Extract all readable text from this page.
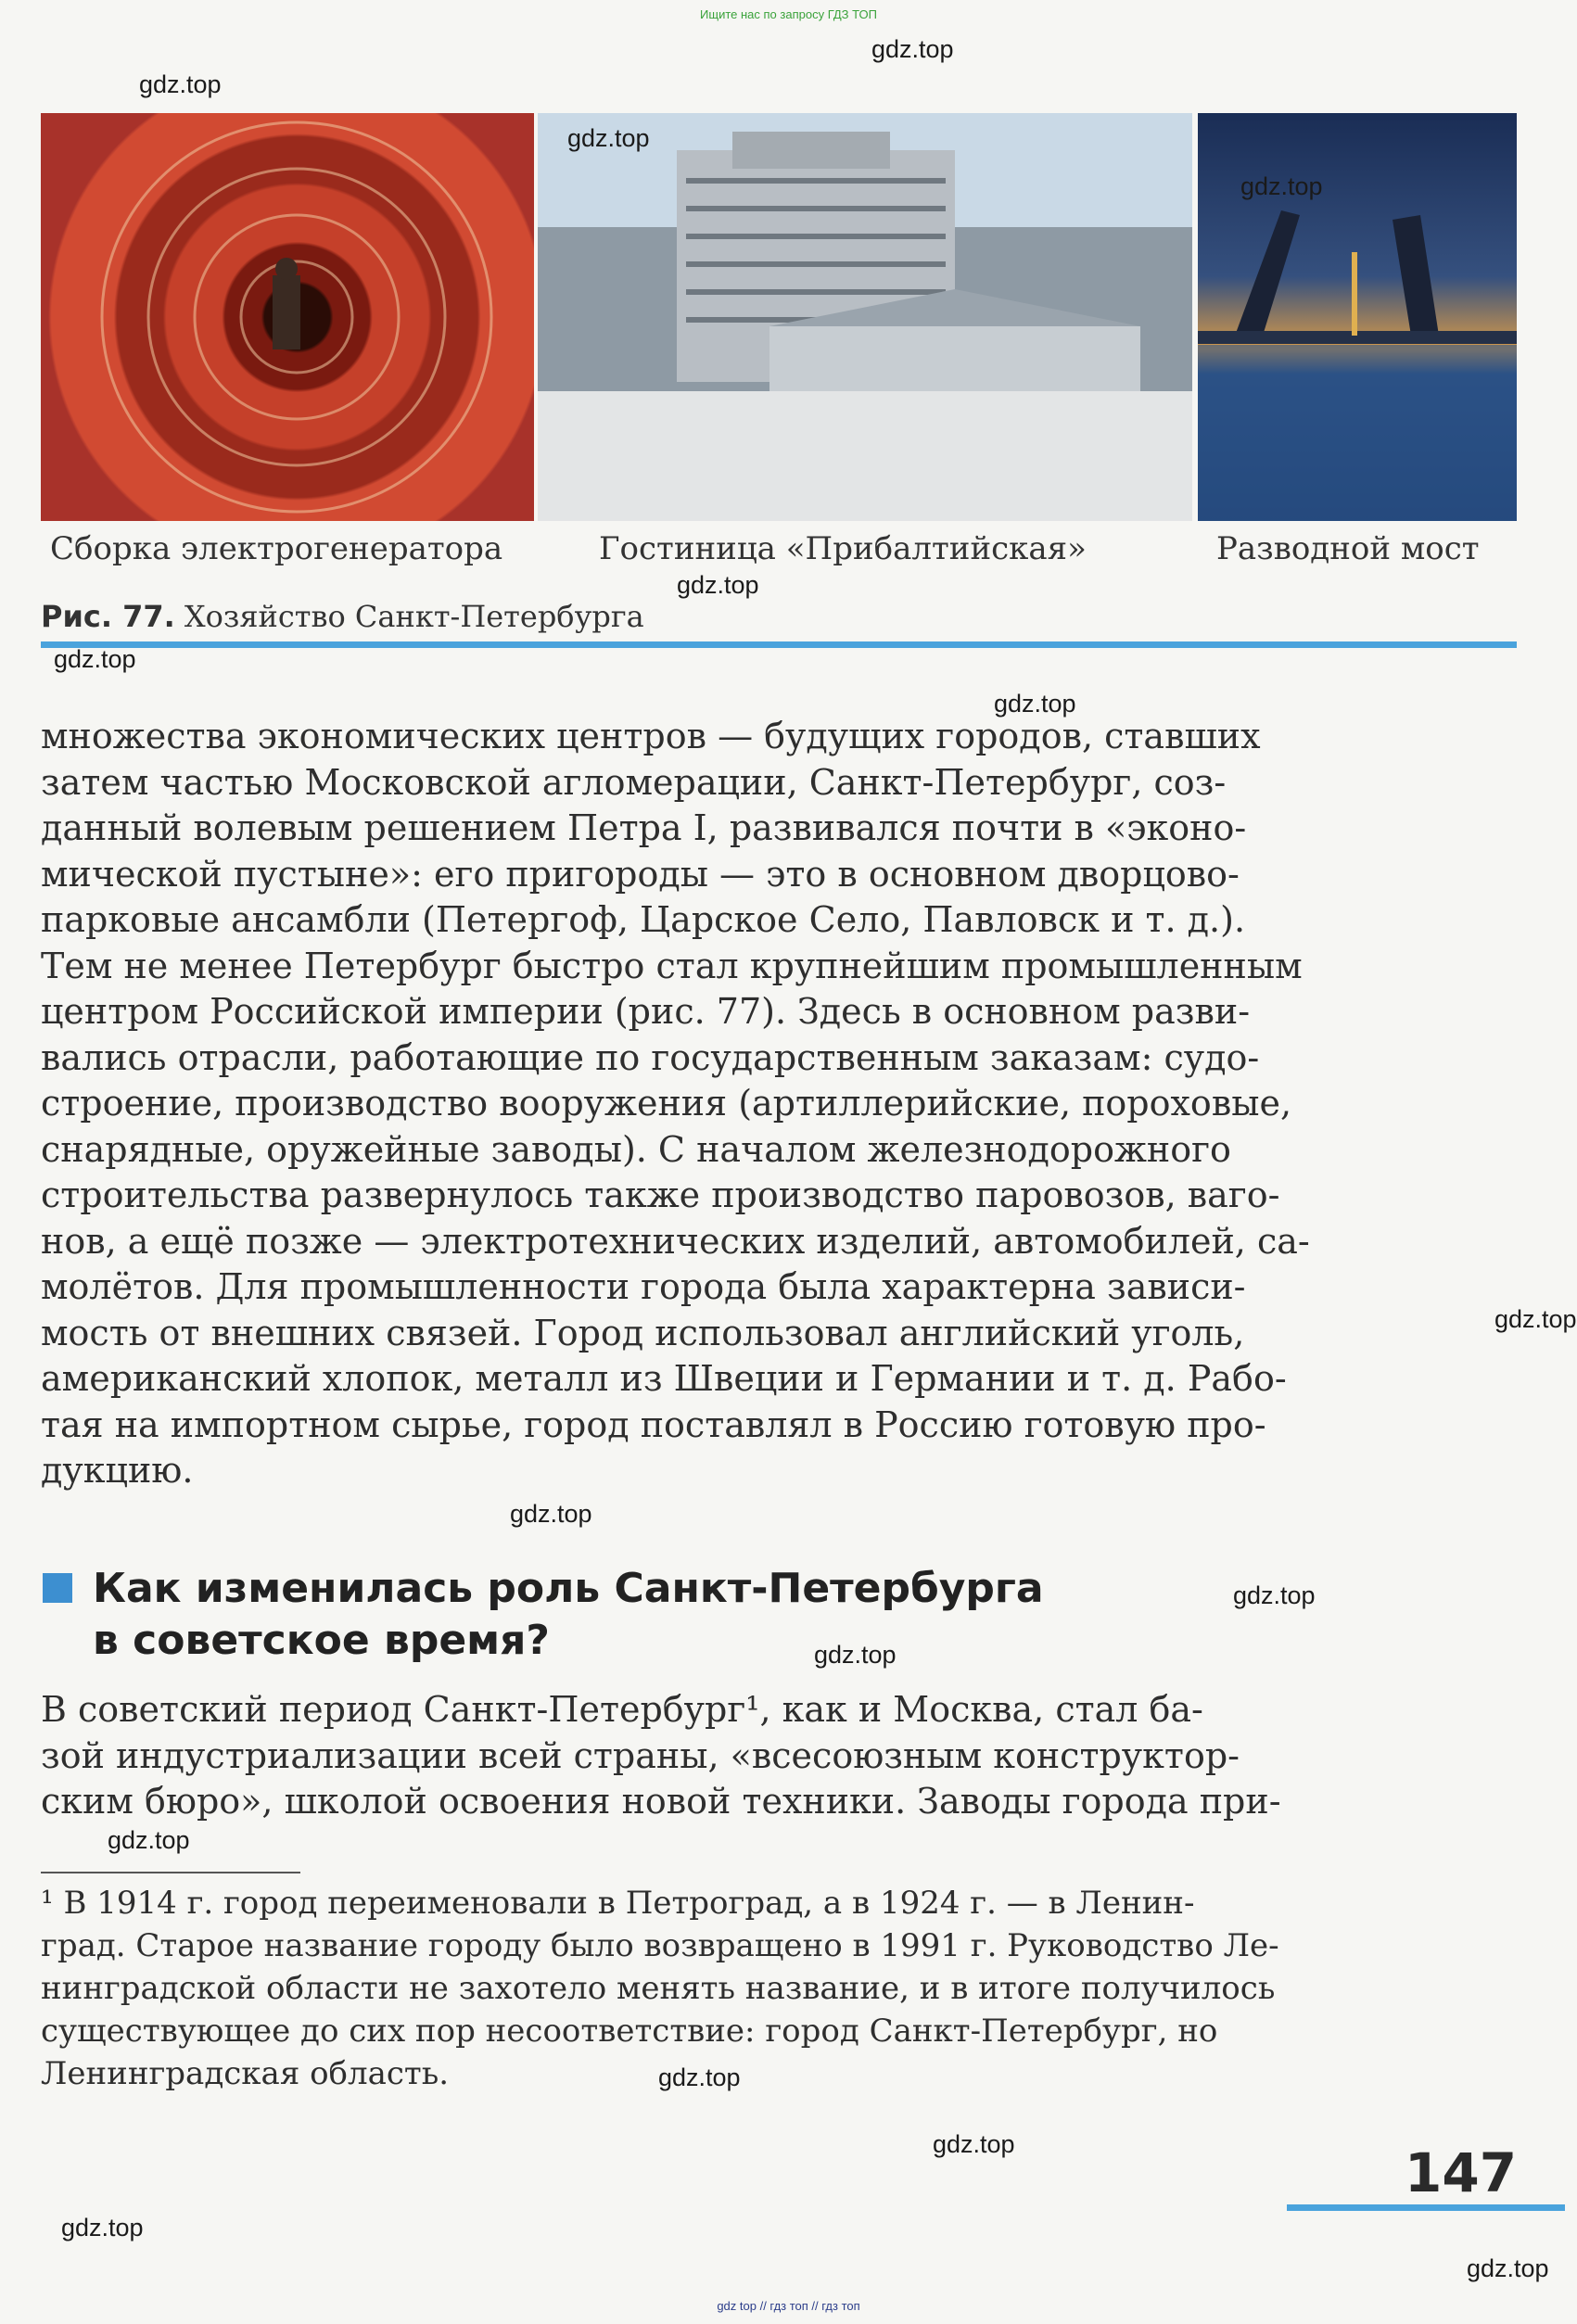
Ищите нас по запросу ГДЗ ТОП
Сборка электрогенератора	Гостиница «Прибалтийская»	Разводной мост
Рис. 77. Хозяйство Санкт-Петербурга
множества экономических центров — будущих городов, ставших
затем частью Московской агломерации, Санкт-Петербург, соз-
данный волевым решением Петра I, развивался почти в «эконо-
мической пустыне»: его пригороды — это в основном дворцово-
парковые ансамбли (Петергоф, Царское Село, Павловск и т. д.).
Тем не менее Петербург быстро стал крупнейшим промышленным
центром Российской империи (рис. 77). Здесь в основном разви-
вались отрасли, работающие по государственным заказам: судо-
строение, производство вооружения (артиллерийские, пороховые,
снарядные, оружейные заводы). С началом железнодорожного
строительства развернулось также производство паровозов, ваго-
нов, а ещё позже — электротехнических изделий, автомобилей, са-
молётов. Для промышленности города была характерна зависи-
мость от внешних связей. Город использовал английский уголь,
американский хлопок, металл из Швеции и Германии и т. д. Рабо-
тая на импортном сырье, город поставлял в Россию готовую про-
дукцию.
Как изменилась роль Санкт-Петербурга
в советское время?
В советский период Санкт-Петербург¹, как и Москва, стал ба-
зой индустриализации всей страны, «всесоюзным конструктор-
ским бюро», школой освоения новой техники. Заводы города при-
¹ В 1914 г. город переименовали в Петроград, а в 1924 г. — в Ленин-
град. Старое название городу было возвращено в 1991 г. Руководство Ле-
нинградской области не захотело менять название, и в итоге получилось
существующее до сих пор несоответствие: город Санкт-Петербург, но
Ленинградская область.
147
gdz.top
gdz.top
gdz.top
gdz.top
gdz.top
gdz.top
gdz.top
gdz.top
gdz.top
gdz.top
gdz.top
gdz.top
gdz.top
gdz.top
gdz.top
gdz.top
gdz top // гдз топ // гдз топ
